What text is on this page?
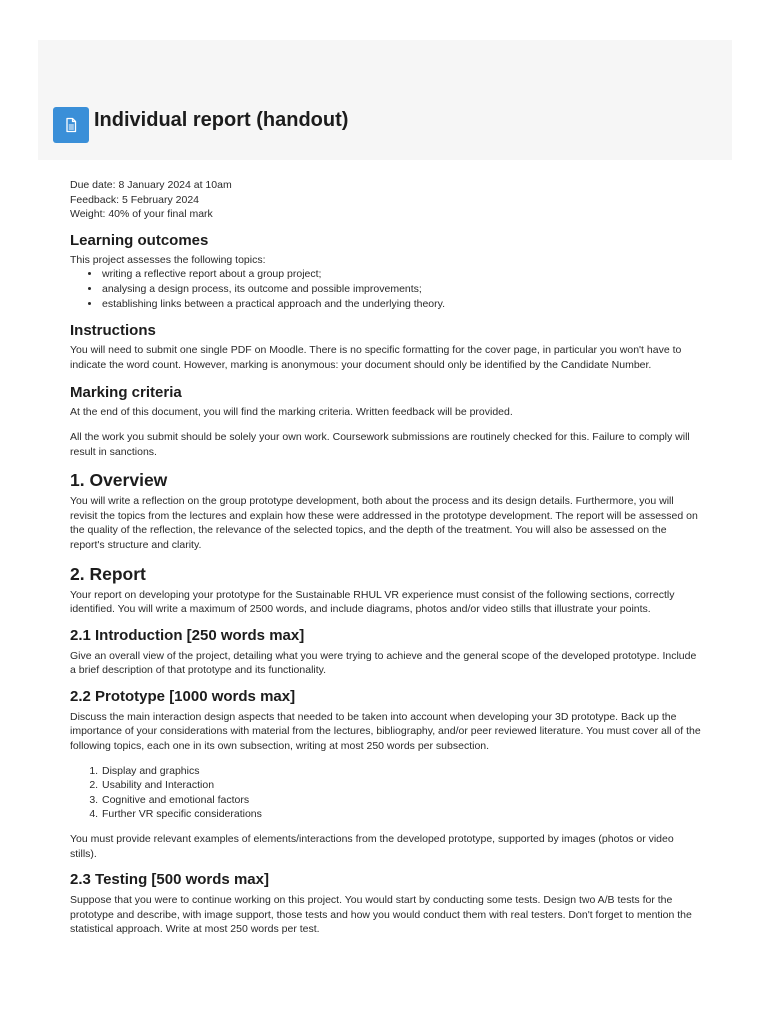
Individual report (handout)

Due date: 8 January 2024 at 10am
Feedback: 5 February 2024
Weight: 40% of your final mark

Learning outcomes

This project assesses the following topics:

• writing a reflective report about a group project;
• analysing a design process, its outcome and possible improvements;
• establishing links between a practical approach and the underlying theory.
Instructions

You will need to submit one single PDF on Moodle. There is no specific formatting for the cover page, in particular you won't have to indicate the word count. However, marking is anonymous: your document should only be identified by the Candidate Number.

Marking criteria

At the end of this document, you will find the marking criteria. Written feedback will be provided.

All the work you submit should be solely your own work. Coursework submissions are routinely checked for this. Failure to comply will result in sanctions.

1. Overview

You will write a reflection on the group prototype development, both about the process and its design details. Furthermore, you will revisit the topics from the lectures and explain how these were addressed in the prototype development. The report will be assessed on the quality of the reflection, the relevance of the selected topics, and the depth of the treatment. You will also be assessed on the report's structure and clarity.

2. Report

Your report on developing your prototype for the Sustainable RHUL VR experience must consist of the following sections, correctly identified. You will write a maximum of 2500 words, and include diagrams, photos and/or video stills that illustrate your points.

2.1 Introduction [250 words max]

Give an overall view of the project, detailing what you were trying to achieve and the general scope of the developed prototype. Include a brief description of that prototype and its functionality.

2.2 Prototype [1000 words max]

Discuss the main interaction design aspects that needed to be taken into account when developing your 3D prototype. Back up the importance of your considerations with material from the lectures, bibliography, and/or peer reviewed literature. You must cover all of the following topics, each one in its own subsection, writing at most 250 words per subsection.

1. Display and graphics
2. Usability and Interaction
3. Cognitive and emotional factors
4. Further VR specific considerations

You must provide relevant examples of elements/interactions from the developed prototype, supported by images (photos or video stills).

2.3 Testing [500 words max]

Suppose that you were to continue working on this project. You would start by conducting some tests. Design two A/B tests for the prototype and describe, with image support, those tests and how you would conduct them with real testers. Don't forget to mention the statistical approach. Write at most 250 words per test.
